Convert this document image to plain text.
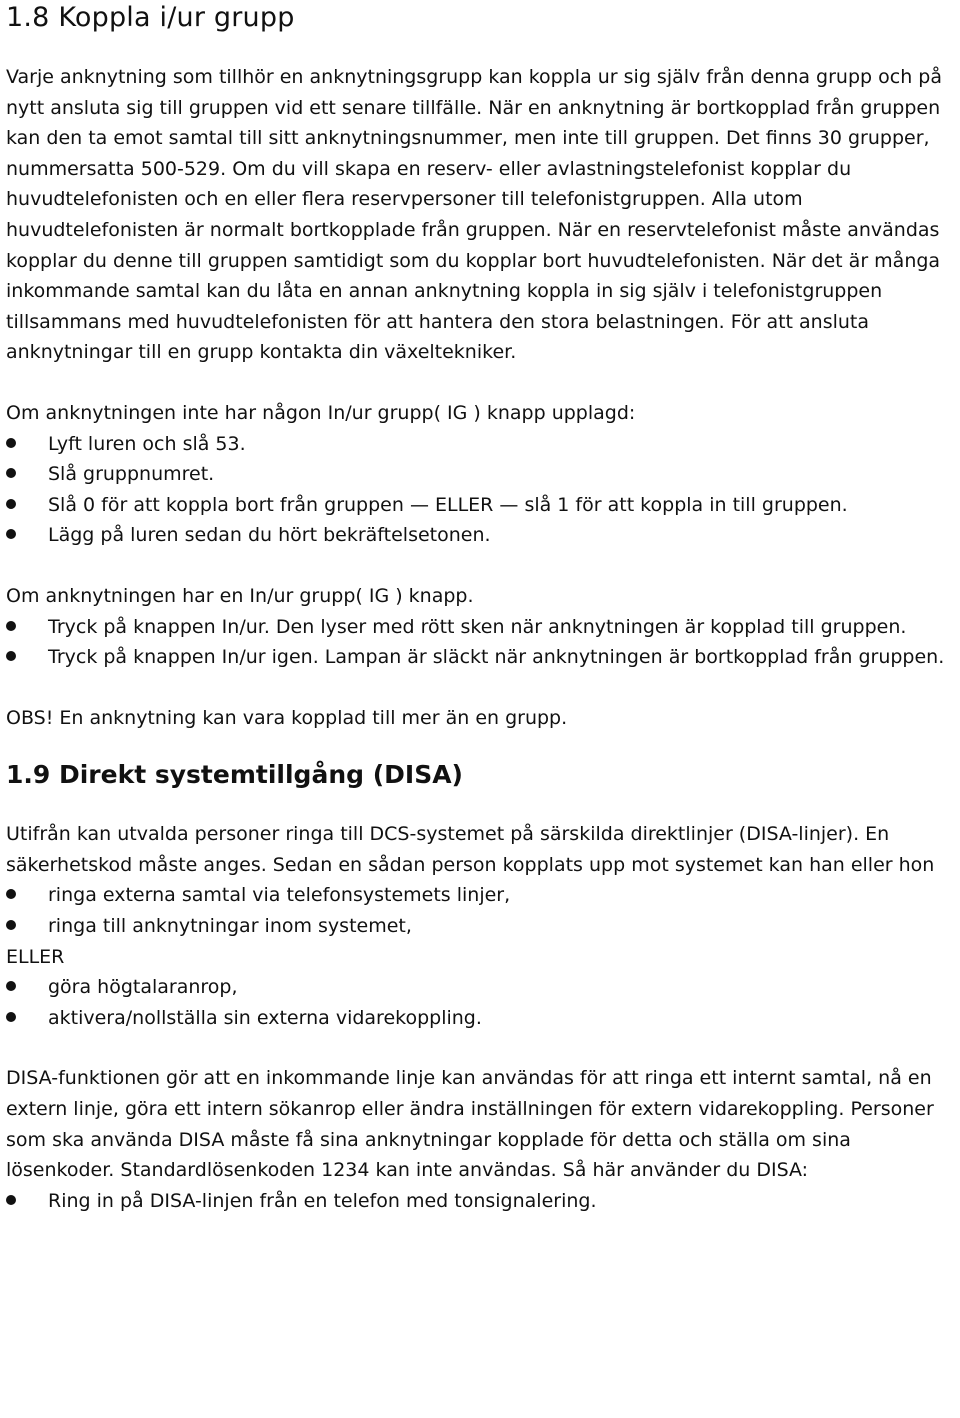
1.8 Koppla i/ur grupp

Varje anknytning som tillhör en anknytningsgrupp kan koppla ur sig själv från denna grupp och på nytt ansluta sig till gruppen vid ett senare tillfälle. När en anknytning är bortkopplad från gruppen kan den ta emot samtal till sitt anknytningsnummer, men inte till gruppen. Det finns 30 grupper, nummersatta 500-529. Om du vill skapa en reserv- eller avlastningstelefonist kopplar du huvudtelefonisten och en eller flera reservpersoner till telefonistgruppen. Alla utom huvudtelefonisten är normalt bortkopplade från gruppen. När en reservtelefonist måste användas kopplar du denne till gruppen samtidigt som du kopplar bort huvudtelefonisten. När det är många inkommande samtal kan du låta en annan anknytning koppla in sig själv i telefonistgruppen tillsammans med huvudtelefonisten för att hantera den stora belastningen. För att ansluta anknytningar till en grupp kontakta din växeltekniker.

Om anknytningen inte har någon In/ur grupp( IG ) knapp upplagd:

Lyft luren och slå 53.
Slå gruppnumret.
Slå 0 för att koppla bort från gruppen — ELLER — slå 1 för att koppla in till gruppen.
Lägg på luren sedan du hört bekräftelsetonen.

Om anknytningen har en In/ur grupp( IG ) knapp.

Tryck på knappen In/ur. Den lyser med rött sken när anknytningen är kopplad till gruppen.
Tryck på knappen In/ur igen. Lampan är släckt när anknytningen är bortkopplad från gruppen.

OBS! En anknytning kan vara kopplad till mer än en grupp.

1.9 Direkt systemtillgång (DISA)

Utifrån kan utvalda personer ringa till DCS-systemet på särskilda direktlinjer (DISA-linjer). En säkerhetskod måste anges. Sedan en sådan person kopplats upp mot systemet kan han eller hon

ringa externa samtal via telefonsystemets linjer,
ringa till anknytningar inom systemet,

ELLER

göra högtalaranrop,
aktivera/nollställa sin externa vidarekoppling.

DISA-funktionen gör att en inkommande linje kan användas för att ringa ett internt samtal, nå en extern linje, göra ett intern sökanrop eller ändra inställningen för extern vidarekoppling. Personer som ska använda DISA måste få sina anknytningar kopplade för detta och ställa om sina lösenkoder. Standardlösenkoden 1234 kan inte användas. Så här använder du DISA:

Ring in på DISA-linjen från en telefon med tonsignalering.
